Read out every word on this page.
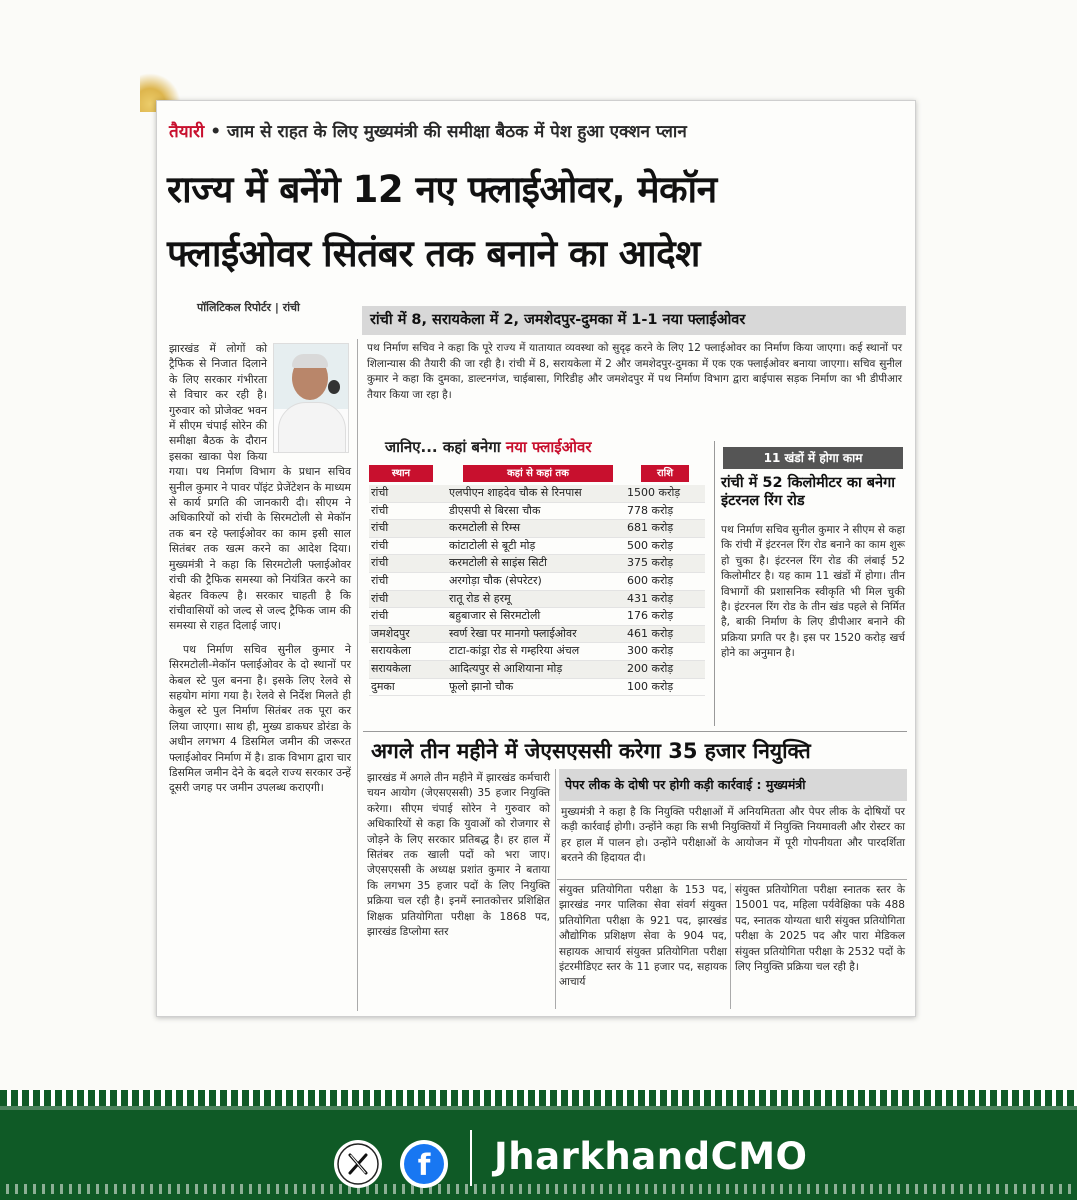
तैयारी • जाम से राहत के लिए मुख्यमंत्री की समीक्षा बैठक में पेश हुआ एक्शन प्लान
राज्य में बनेंगे 12 नए फ्लाईओवर, मेकॉन
फ्लाईओवर सितंबर तक बनाने का आदेश
पॉलिटिकल रिपोर्टर | रांची
रांची में 8, सरायकेला में 2, जमशेदपुर-दुमका में 1-1 नया फ्लाईओवर
पथ निर्माण सचिव ने कहा कि पूरे राज्य में यातायात व्यवस्था को सुदृढ़ करने के लिए 12 फ्लाईओवर का निर्माण किया जाएगा। कई स्थानों पर शिलान्यास की तैयारी की जा रही है। रांची में 8, सरायकेला में 2 और जमशेदपुर-दुमका में एक एक फ्लाईओवर बनाया जाएगा। सचिव सुनील कुमार ने कहा कि दुमका, डाल्टनगंज, चाईबासा, गिरिडीह और जमशेदपुर में पथ निर्माण विभाग द्वारा बाईपास सड़क निर्माण का भी डीपीआर तैयार किया जा रहा है।
झारखंड में लोगों को ट्रैफिक से निजात दिलाने के लिए सरकार गंभीरता से विचार कर रही है। गुरुवार को प्रोजेक्ट भवन में सीएम चंपाई सोरेन की समीक्षा बैठक के दौरान इसका खाका पेश किया गया। पथ निर्माण विभाग के प्रधान सचिव सुनील कुमार ने पावर पॉइंट प्रेजेंटेशन के माध्यम से कार्य प्रगति की जानकारी दी। सीएम ने अधिकारियों को रांची के सिरमटोली से मेकॉन तक बन रहे फ्लाईओवर का काम इसी साल सितंबर तक खत्म करने का आदेश दिया। मुख्यमंत्री ने कहा कि सिरमटोली फ्लाईओवर रांची की ट्रैफिक समस्या को नियंत्रित करने का बेहतर विकल्प है। सरकार चाहती है कि रांचीवासियों को जल्द से जल्द ट्रैफिक जाम की समस्या से राहत दिलाई जाए।
पथ निर्माण सचिव सुनील कुमार ने सिरमटोली-मेकॉन फ्लाईओवर के दो स्थानों पर केबल स्टे पुल बनना है। इसके लिए रेलवे से सहयोग मांगा गया है। रेलवे से निर्देश मिलते ही केबुल स्टे पुल निर्माण सितंबर तक पूरा कर लिया जाएगा। साथ ही, मुख्य डाकघर डोरंडा के अधीन लगभग 4 डिसमिल जमीन की जरूरत फ्लाईओवर निर्माण में है। डाक विभाग द्वारा चार डिसमिल जमीन देने के बदले राज्य सरकार उन्हें दूसरी जगह पर जमीन उपलब्ध कराएगी।
जानिए... कहां बनेगा नया फ्लाईओवर
स्थान	कहां से कहां तक	राशि
रांची	एलपीएन शाहदेव चौक से रिनपास	1500 करोड़
रांची	डीएसपी से बिरसा चौक	778 करोड़
रांची	करमटोली से रिम्स	681 करोड़
रांची	कांटाटोली से बूटी मोड़	500 करोड़
रांची	करमटोली से साइंस सिटी	375 करोड़
रांची	अरगोड़ा चौक (सेपरेटर)	600 करोड़
रांची	रातू रोड से हरमू	431 करोड़
रांची	बहुबाजार से सिरमटोली	176 करोड़
जमशेदपुर	स्वर्ण रेखा पर मानगो फ्लाईओवर	461 करोड़
सरायकेला	टाटा-कांड्रा रोड से गम्हरिया अंचल	300 करोड़
सरायकेला	आदित्यपुर से आशियाना मोड़	200 करोड़
दुमका	फूलो झानो चौक	100 करोड़
11 खंडों में होगा काम
रांची में 52 किलोमीटर का बनेगा इंटरनल रिंग रोड
पथ निर्माण सचिव सुनील कुमार ने सीएम से कहा कि रांची में इंटरनल रिंग रोड बनाने का काम शुरू हो चुका है। इंटरनल रिंग रोड की लंबाई 52 किलोमीटर है। यह काम 11 खंडों में होगा। तीन विभागों की प्रशासनिक स्वीकृति भी मिल चुकी है। इंटरनल रिंग रोड के तीन खंड पहले से निर्मित है, बाकी निर्माण के लिए डीपीआर बनाने की प्रक्रिया प्रगति पर है। इस पर 1520 करोड़ खर्च होने का अनुमान है।
अगले तीन महीने में जेएसएससी करेगा 35 हजार नियुक्ति
झारखंड में अगले तीन महीने में झारखंड कर्मचारी चयन आयोग (जेएसएससी) 35 हजार नियुक्ति करेगा। सीएम चंपाई सोरेन ने गुरुवार को अधिकारियों से कहा कि युवाओं को रोजगार से जोड़ने के लिए सरकार प्रतिबद्ध है। हर हाल में सितंबर तक खाली पदों को भरा जाए। जेएसएससी के अध्यक्ष प्रशांत कुमार ने बताया कि लगभग 35 हजार पदों के लिए नियुक्ति प्रक्रिया चल रही है। इनमें स्नातकोत्तर प्रशिक्षित शिक्षक प्रतियोगिता परीक्षा के 1868 पद, झारखंड डिप्लोमा स्तर
पेपर लीक के दोषी पर होगी कड़ी कार्रवाई : मुख्यमंत्री
मुख्यमंत्री ने कहा है कि नियुक्ति परीक्षाओं में अनियमितता और पेपर लीक के दोषियों पर कड़ी कार्रवाई होगी। उन्होंने कहा कि सभी नियुक्तियों में नियुक्ति नियमावली और रोस्टर का हर हाल में पालन हो। उन्होंने परीक्षाओं के आयोजन में पूरी गोपनीयता और पारदर्शिता बरतने की हिदायत दी।
संयुक्त प्रतियोगिता परीक्षा के 153 पद, झारखंड नगर पालिका सेवा संवर्ग संयुक्त प्रतियोगिता परीक्षा के 921 पद, झारखंड औद्योगिक प्रशिक्षण सेवा के 904 पद, सहायक आचार्य संयुक्त प्रतियोगिता परीक्षा इंटरमीडिएट स्तर के 11 हजार पद, सहायक आचार्य
संयुक्त प्रतियोगिता परीक्षा स्नातक स्तर के 15001 पद, महिला पर्यवेक्षिका पके 488 पद, स्नातक योग्यता धारी संयुक्त प्रतियोगिता परीक्षा के 2025 पद और पारा मेडिकल संयुक्त प्रतियोगिता परीक्षा के 2532 पदों के लिए नियुक्ति प्रक्रिया चल रही है।
f	JharkhandCMO
